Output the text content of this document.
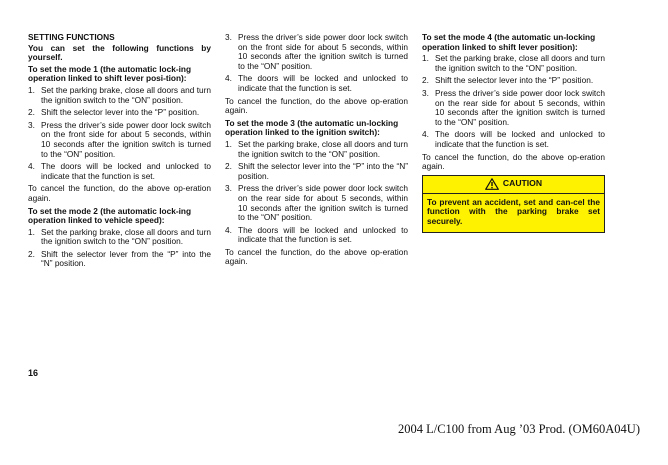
SETTING FUNCTIONS
You can set the following functions by yourself.
To set the mode 1 (the automatic lock-ing operation linked to shift lever posi-tion):
1. Set the parking brake, close all doors and turn the ignition switch to the “ON” position.
2. Shift the selector lever into the “P” position.
3. Press the driver’s side power door lock switch on the front side for about 5 seconds, within 10 seconds after the ignition switch is turned to the “ON” position.
4. The doors will be locked and unlocked to indicate that the function is set.
To cancel the function, do the above op-eration again.
To set the mode 2 (the automatic lock-ing operation linked to vehicle speed):
1. Set the parking brake, close all doors and turn the ignition switch to the “ON” position.
2. Shift the selector lever from the “P” into the “N” position.
3. Press the driver’s side power door lock switch on the front side for about 5 seconds, within 10 seconds after the ignition switch is turned to the “ON” position.
4. The doors will be locked and unlocked to indicate that the function is set.
To cancel the function, do the above op-eration again.
To set the mode 3 (the automatic un-locking operation linked to the ignition switch):
1. Set the parking brake, close all doors and turn the ignition switch to the “ON” position.
2. Shift the selector lever into the “P” into the “N” position.
3. Press the driver’s side power door lock switch on the rear side for about 5 seconds, within 10 seconds after the ignition switch is turned to the “ON” position.
4. The doors will be locked and unlocked to indicate that the function is set.
To cancel the function, do the above op-eration again.
To set the mode 4 (the automatic un-locking operation linked to shift lever position):
1. Set the parking brake, close all doors and turn the ignition switch to the “ON” position.
2. Shift the selector lever into the “P” position.
3. Press the driver’s side power door lock switch on the rear side for about 5 seconds, within 10 seconds after the ignition switch is turned to the “ON” position.
4. The doors will be locked and unlocked to indicate that the function is set.
To cancel the function, do the above op-eration again.
CAUTION
To prevent an accident, set and can-cel the function with the parking brake set securely.
16
2004 L/C100 from Aug ’03 Prod. (OM60A04U)
